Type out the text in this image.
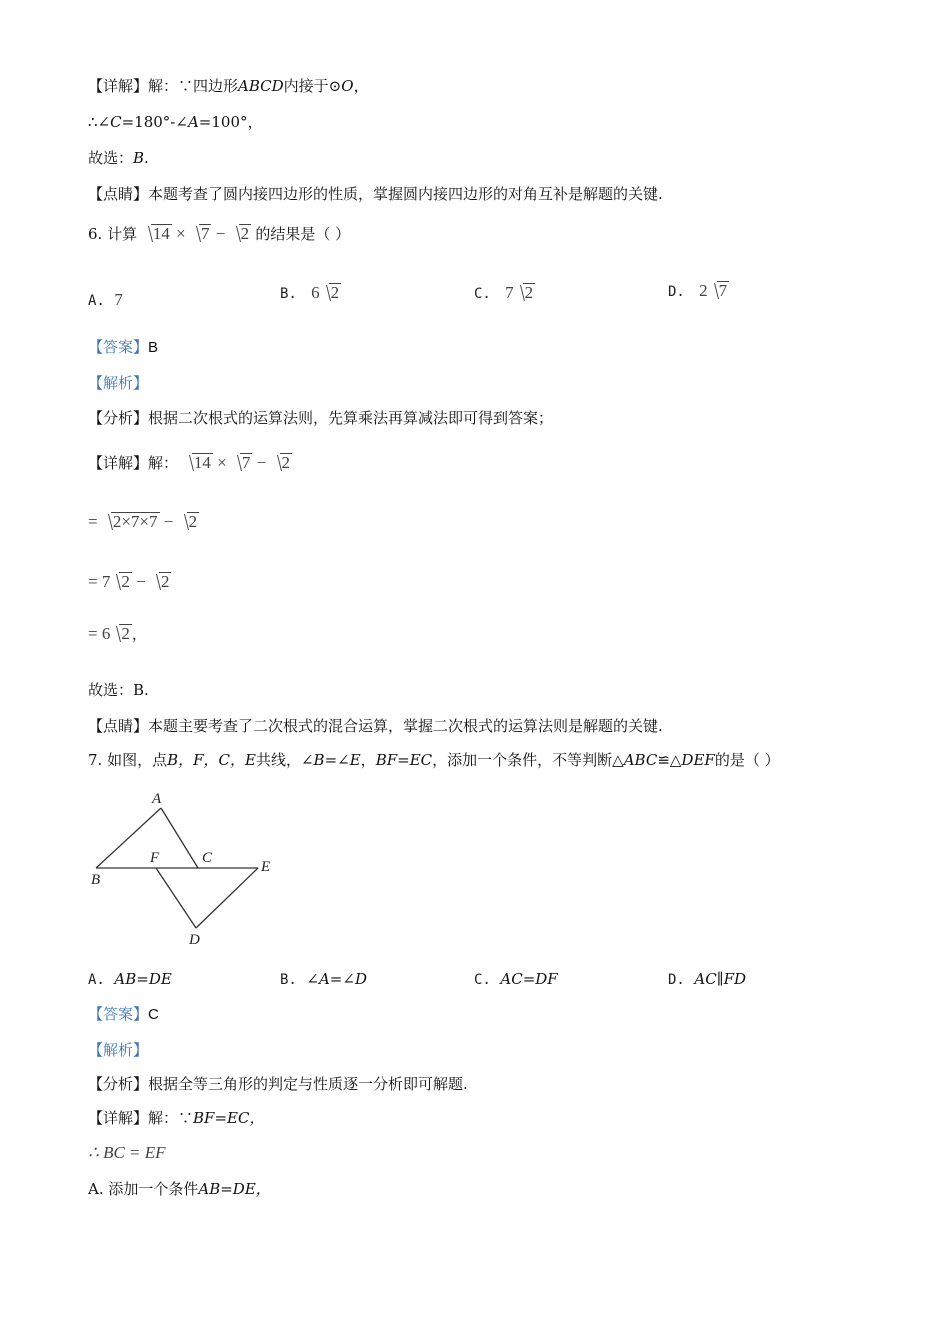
【详解】解：∵四边形ABCD内接于⊙O，
∴∠C=180°-∠A=100°，
故选：B.
【点睛】本题考查了圆内接四边形的性质，掌握圆内接四边形的对角互补是解题的关键.
6. 计算 14 × 7 − 2 的结果是（ ）
A. 7	B. 6 2	C. 7 2	D. 2 7
【答案】B
【解析】
【分析】根据二次根式的运算法则，先算乘法再算减法即可得到答案；
【详解】解： 14 × 7 − 2
= 2×7×7 − 2
= 7 2 − 2
= 6 2 ，
故选：B.
【点睛】本题主要考查了二次根式的混合运算，掌握二次根式的运算法则是解题的关键.
7. 如图，点B，F，C，E共线，∠B=∠E，BF=EC，添加一个条件，不等判断△ABC≌△DEF的是（ ）
A
B
F	C
E
D
A. AB=DE	B. ∠A=∠D	C. AC=DF	D. AC∥FD
【答案】C
【解析】
【分析】根据全等三角形的判定与性质逐一分析即可解题.
【详解】解：∵BF=EC，
∴ BC = EF
A. 添加一个条件AB=DE，
